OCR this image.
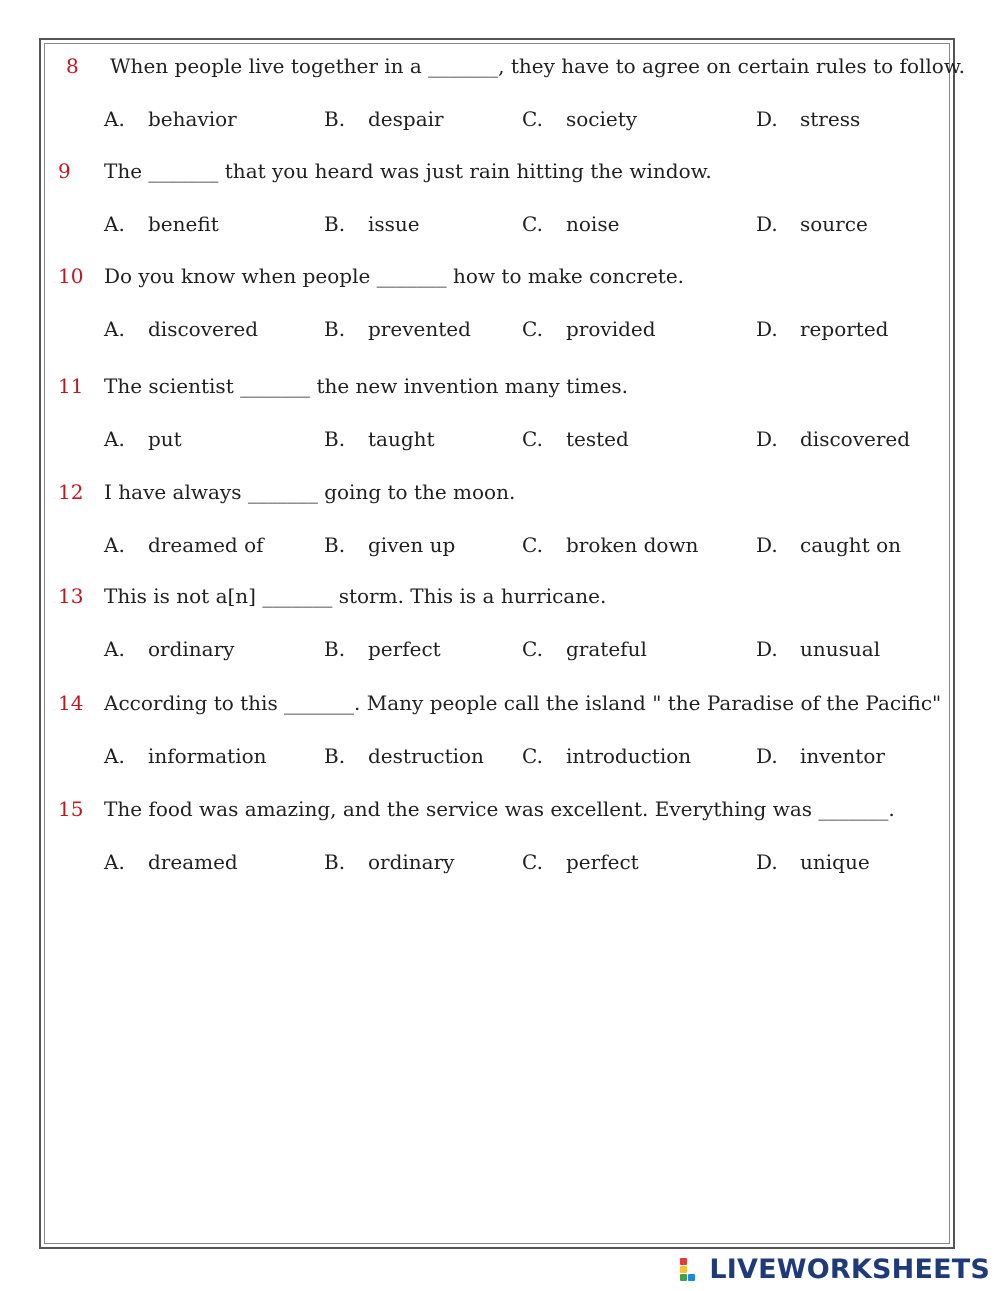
8	When people live together in a _______, they have to agree on certain rules to follow.
A. behavior	B. despair	C. society	D. stress
9	The _______ that you heard was just rain hitting the window.
A. benefit	B. issue	C. noise	D. source
10	Do you know when people _______ how to make concrete.
A. discovered	B. prevented	C. provided	D. reported
11	The scientist _______ the new invention many times.
A. put	B. taught	C. tested	D. discovered
12	I have always _______ going to the moon.
A. dreamed of	B. given up	C. broken down	D. caught on
13	This is not a[n] _______ storm. This is a hurricane.
A. ordinary	B. perfect	C. grateful	D. unusual
14	According to this _______. Many people call the island " the Paradise of the Pacific"
A. information	B. destruction C. introduction	D. inventor
15	The food was amazing, and the service was excellent. Everything was _______.
A. dreamed	B. ordinary	C. perfect	D. unique
LIVEWORKSHEETS
